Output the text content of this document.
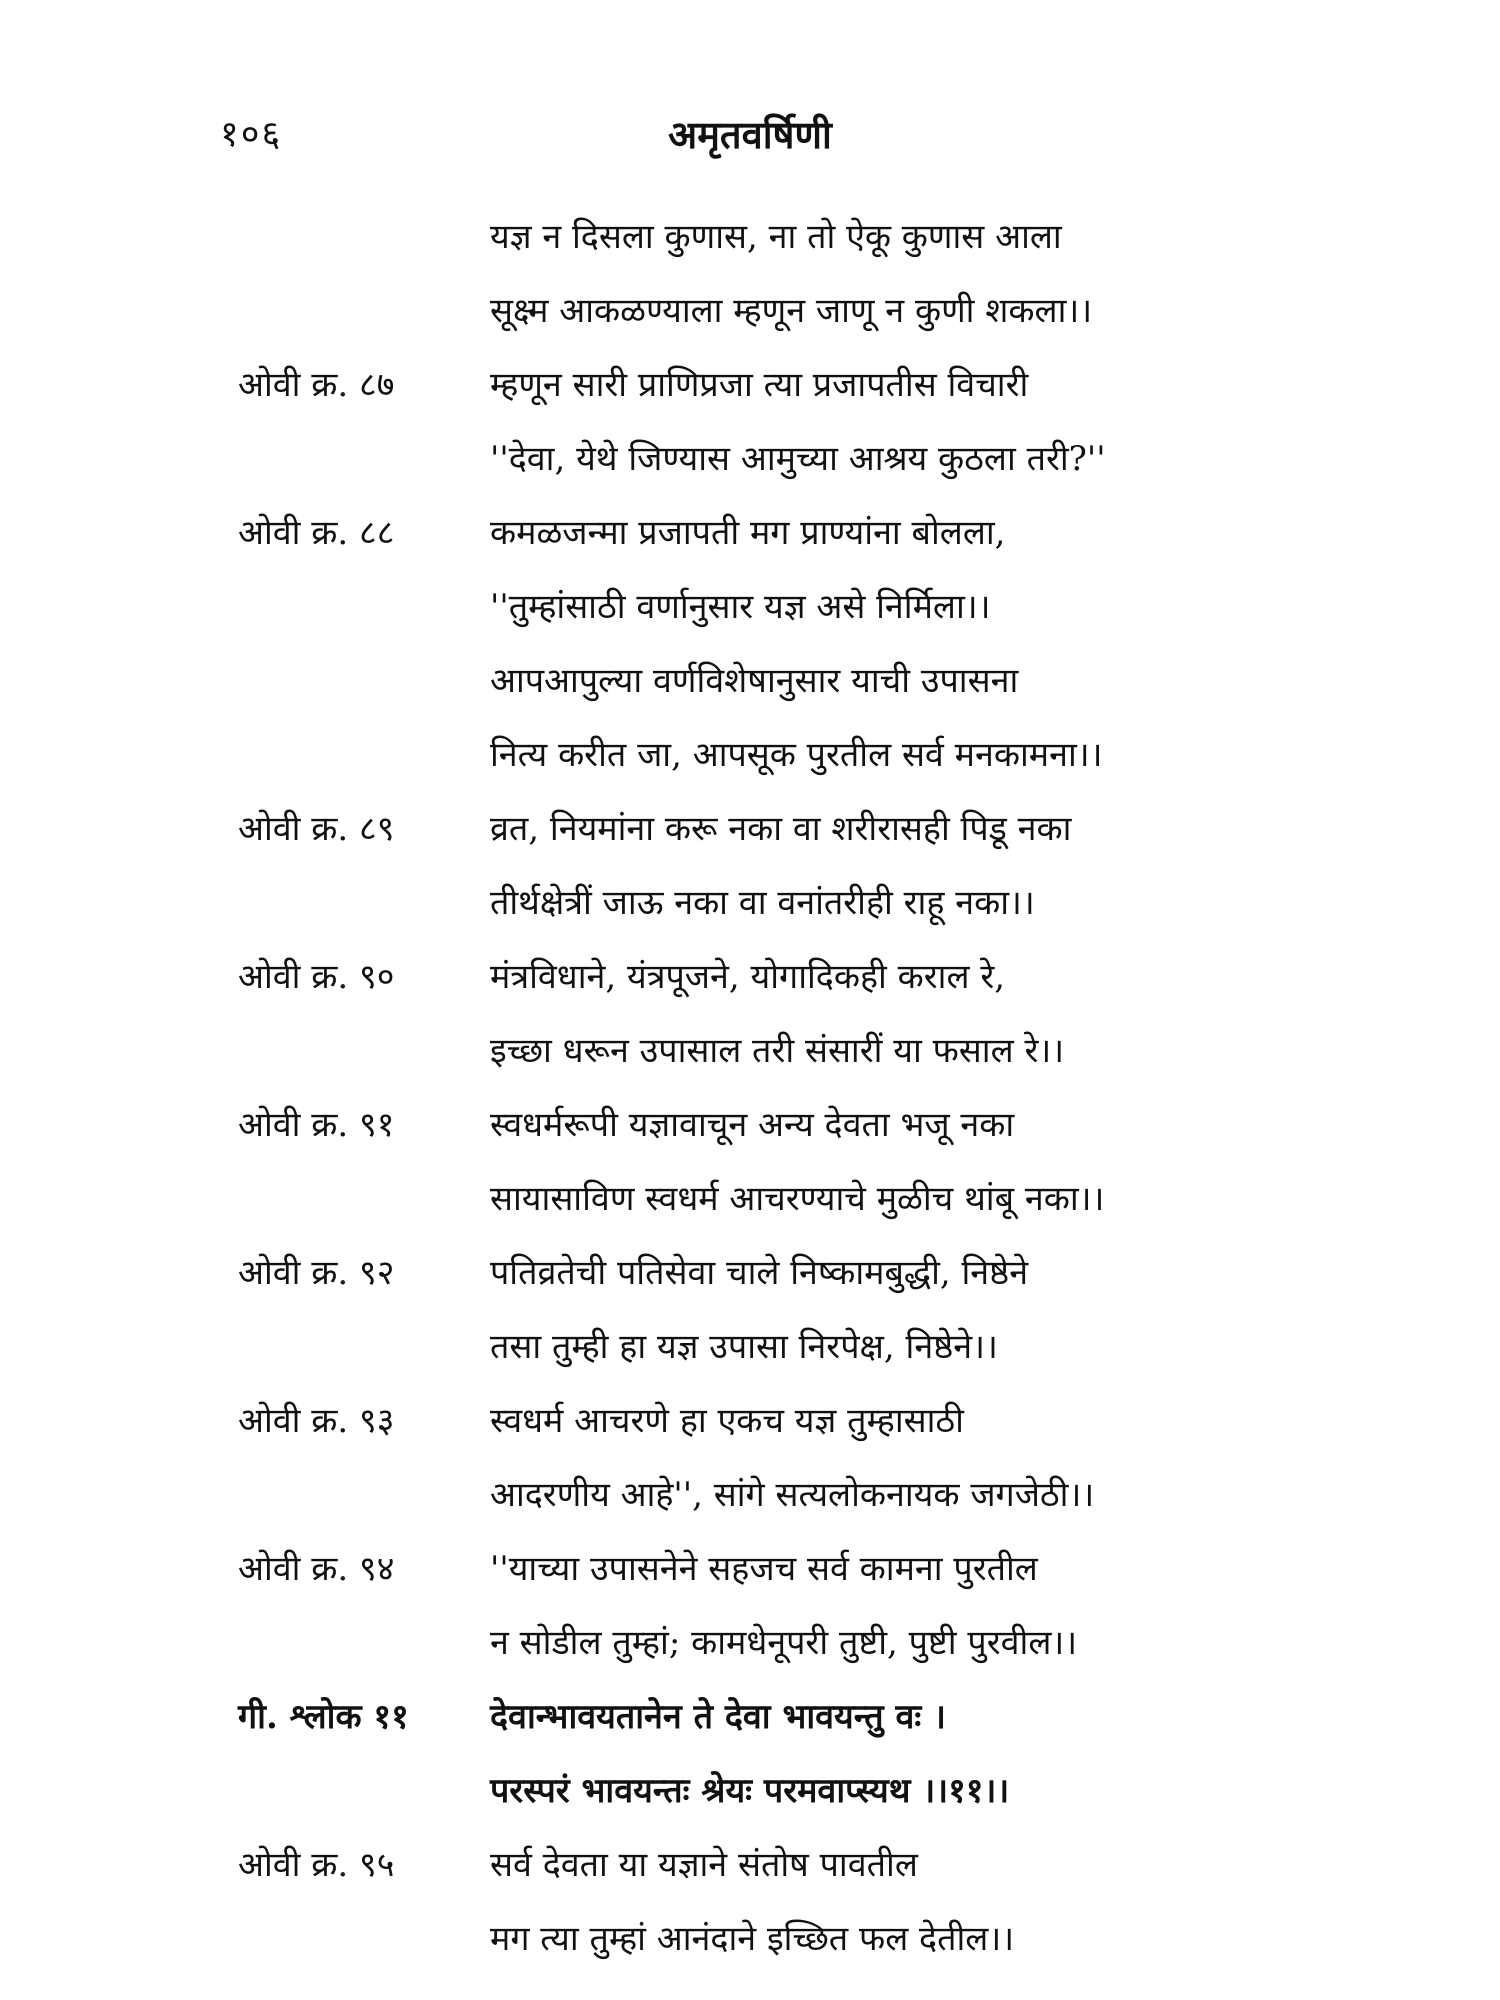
१०६	अमृतवर्षिणी
यज्ञ न दिसला कुणास, ना तो ऐकू कुणास आला
सूक्ष्म आकळण्याला म्हणून जाणू न कुणी शकला।।
ओवी क्र. ८७	म्हणून सारी प्राणिप्रजा त्या प्रजापतीस विचारी
''देवा, येथे जिण्यास आमुच्या आश्रय कुठला तरी?''
ओवी क्र. ८८	कमळजन्मा प्रजापती मग प्राण्यांना बोलला,
''तुम्हांसाठी वर्णानुसार यज्ञ असे निर्मिला।।
आपआपुल्या वर्णविशेषानुसार याची उपासना
नित्य करीत जा, आपसूक पुरतील सर्व मनकामना।।
ओवी क्र. ८९	व्रत, नियमांना करू नका वा शरीरासही पिडू नका
तीर्थक्षेत्रीं जाऊ नका वा वनांतरीही राहू नका।।
ओवी क्र. ९०	मंत्रविधाने, यंत्रपूजने, योगादिकही कराल रे,
इच्छा धरून उपासाल तरी संसारीं या फसाल रे।।
ओवी क्र. ९१	स्वधर्मरूपी यज्ञावाचून अन्य देवता भजू नका
सायासाविण स्वधर्म आचरण्याचे मुळीच थांबू नका।।
ओवी क्र. ९२	पतिव्रतेची पतिसेवा चाले निष्कामबुद्धी, निष्ठेने
तसा तुम्ही हा यज्ञ उपासा निरपेक्ष, निष्ठेने।।
ओवी क्र. ९३	स्वधर्म आचरणे हा एकच यज्ञ तुम्हासाठी
आदरणीय आहे'', सांगे सत्यलोकनायक जगजेठी।।
ओवी क्र. ९४	''याच्या उपासनेने सहजच सर्व कामना पुरतील
न सोडील तुम्हां; कामधेनूपरी तुष्टी, पुष्टी पुरवील।।
गी. श्लोक ११ देवान्भावयतानेन ते देवा भावयन्तु वः ।
परस्परं भावयन्तः श्रेयः परमवाप्स्यथ ।।११।।
ओवी क्र. ९५	सर्व देवता या यज्ञाने संतोष पावतील
मग त्या तुम्हां आनंदाने इच्छित फल देतील।।
